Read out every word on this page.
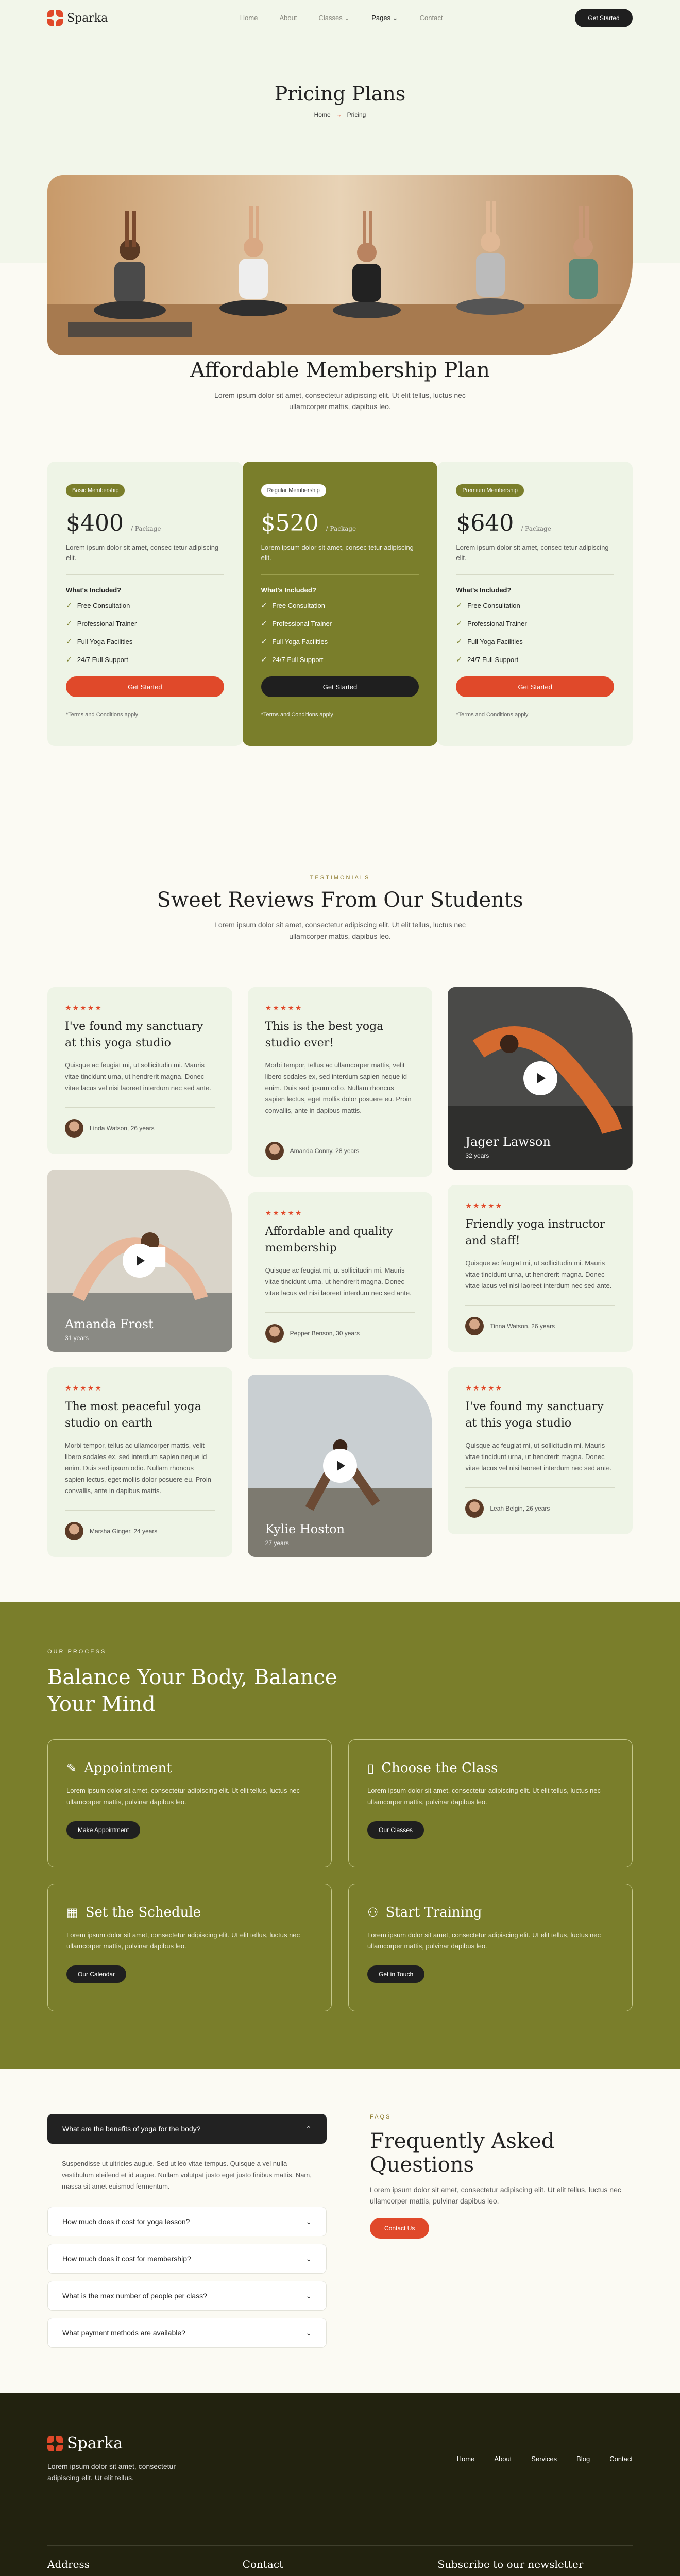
Sparka	Home	About	Classes ⌄	Pages ⌄	Contact	Get Started
Pricing Plans
Home → Pricing
Affordable Membership Plan

Lorem ipsum dolor sit amet, consectetur adipiscing elit. Ut elit tellus, luctus nec ullamcorper mattis, dapibus leo.

Basic Membership
$400 / Package

Lorem ipsum dolor sit amet, consec tetur adipiscing elit.

What's Included?
✓ Free Consultation
✓ Professional Trainer
✓ Full Yoga Facilities
✓ 24/7 Full Support
Get Started
*Terms and Conditions apply
Regular Membership
$520 / Package

Lorem ipsum dolor sit amet, consec tetur adipiscing elit.

What's Included?
✓ Free Consultation
✓ Professional Trainer
✓ Full Yoga Facilities
✓ 24/7 Full Support
Get Started
*Terms and Conditions apply
Premium Membership
$640 / Package

Lorem ipsum dolor sit amet, consec tetur adipiscing elit.

What's Included?
✓ Free Consultation
✓ Professional Trainer
✓ Full Yoga Facilities
✓ 24/7 Full Support
Get Started
*Terms and Conditions apply
TESTIMONIALS
Sweet Reviews From Our Students

Lorem ipsum dolor sit amet, consectetur adipiscing elit. Ut elit tellus, luctus nec ullamcorper mattis, dapibus leo.

★★★★★
I've found my sanctuary at this yoga studio

Quisque ac feugiat mi, ut sollicitudin mi. Mauris vitae tincidunt urna, ut hendrerit magna. Donec vitae lacus vel nisi laoreet interdum nec sed ante.

Linda Watson, 26 years
Amanda Frost
31 years
★★★★★
The most peaceful yoga studio on earth

Morbi tempor, tellus ac ullamcorper mattis, velit libero sodales ex, sed interdum sapien neque id enim. Duis sed ipsum odio. Nullam rhoncus sapien lectus, eget mollis dolor posuere eu. Proin convallis, ante in dapibus mattis.

Marsha Ginger, 24 years
★★★★★
This is the best yoga studio ever!

Morbi tempor, tellus ac ullamcorper mattis, velit libero sodales ex, sed interdum sapien neque id enim. Duis sed ipsum odio. Nullam rhoncus sapien lectus, eget mollis dolor posuere eu. Proin convallis, ante in dapibus mattis.

Amanda Conny, 28 years
★★★★★
Affordable and quality membership

Quisque ac feugiat mi, ut sollicitudin mi. Mauris vitae tincidunt urna, ut hendrerit magna. Donec vitae lacus vel nisi laoreet interdum nec sed ante.

Pepper Benson, 30 years
Kylie Hoston
27 years
Jager Lawson
32 years
★★★★★
Friendly yoga instructor and staff!

Quisque ac feugiat mi, ut sollicitudin mi. Mauris vitae tincidunt urna, ut hendrerit magna. Donec vitae lacus vel nisi laoreet interdum nec sed ante.

Tinna Watson, 26 years
★★★★★
I've found my sanctuary at this yoga studio

Quisque ac feugiat mi, ut sollicitudin mi. Mauris vitae tincidunt urna, ut hendrerit magna. Donec vitae lacus vel nisi laoreet interdum nec sed ante.

Leah Belgin, 26 years
OUR PROCESS
Balance Your Body, Balance Your Mind
✎ Appointment

Lorem ipsum dolor sit amet, consectetur adipiscing elit. Ut elit tellus, luctus nec ullamcorper mattis, pulvinar dapibus leo.

Make Appointment
▯ Choose the Class

Lorem ipsum dolor sit amet, consectetur adipiscing elit. Ut elit tellus, luctus nec ullamcorper mattis, pulvinar dapibus leo.

Our Classes
▦ Set the Schedule

Lorem ipsum dolor sit amet, consectetur adipiscing elit. Ut elit tellus, luctus nec ullamcorper mattis, pulvinar dapibus leo.

Our Calendar
⚇ Start Training

Lorem ipsum dolor sit amet, consectetur adipiscing elit. Ut elit tellus, luctus nec ullamcorper mattis, pulvinar dapibus leo.

Get in Touch
What are the benefits of yoga for the body?	⌃

Suspendisse ut ultricies augue. Sed ut leo vitae tempus. Quisque a vel nulla vestibulum eleifend et id augue. Nullam volutpat justo eget justo finibus mattis. Nam, massa sit amet euismod fermentum.

How much does it cost for yoga lesson?	⌄
How much does it cost for membership?	⌄
What is the max number of people per class?	⌄
What payment methods are available?	⌄
FAQS
Frequently Asked Questions

Lorem ipsum dolor sit amet, consectetur adipiscing elit. Ut elit tellus, luctus nec ullamcorper mattis, pulvinar dapibus leo.

Contact Us
Sparka

Lorem ipsum dolor sit amet, consectetur adipiscing elit. Ut elit tellus.

Home	About	Services	Blog	Contact
Address	Contact	Subscribe to our newsletter
